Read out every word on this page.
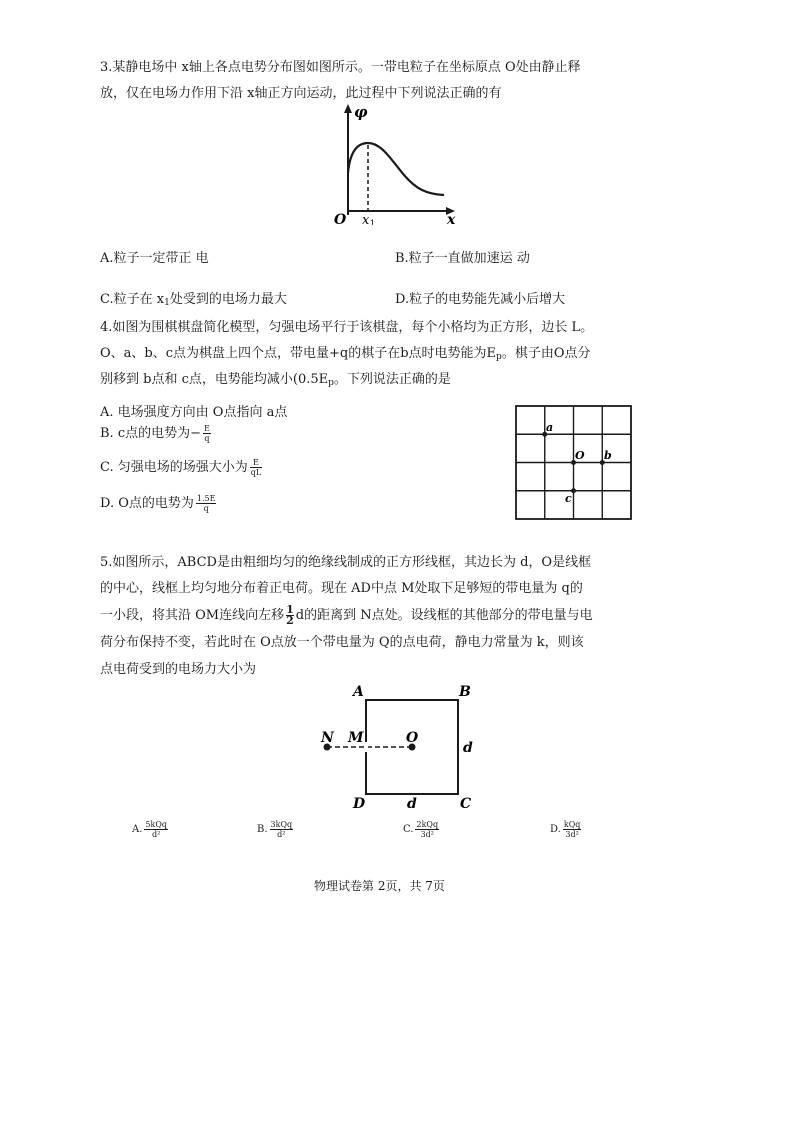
3.某静电场中 x轴上各点电势分布图如图所示。一带电粒子在坐标原点 O处由静止释
放，仅在电场力作用下沿 x轴正方向运动，此过程中下列说法正确的有
φ
x
O x 1
A.粒子一定带正 电	B.粒子一直做加速运 动
C.粒子在 $x_1$处受到的电场力最大	D.粒子的电势能先减小后增大
4.如图为围棋棋盘简化模型，匀强电场平行于该棋盘，每个小格均为正方形，边长 L。
O、a、b、c点为棋盘上四个点，带电量+q的棋子在b点时电势能为$E_p$。棋子由O点分
别移到 b点和 c点，电势能均减小($0.5E_p$。下列说法正确的是
A. 电场强度方向由 O点指向 a点
B. c点的电势为− $\frac{E}{q}$
C. 匀强电场的场强大小为 $\frac{E}{qL}$
D. O点的电势为 $\frac{1.5E}{q}$
a
O b
c
5.如图所示，ABCD是由粗细均匀的绝缘线制成的正方形线框，其边长为 d，O是线框
的中心，线框上均匀地分布着正电荷。现在 AD中点 M处取下足够短的带电量为 q的
一小段，将其沿 OM连线向左移 $\frac{1}{2}$ d的距离到 N点处。设线框的其他部分的带电量与电
荷分布保持不变，若此时在 O点放一个带电量为 Q的点电荷，静电力常量为 k，则该
点电荷受到的电场力大小为
A	B
C
D
N M	O
d
d
A. $\frac{\text{5kQq}}{\text{d²}}$	B. $\frac{\text{3kQq}}{\text{d²}}$	C. $\frac{\text{2kQq}}{\text{3d²}}$	D. $\frac{\text{kQq}}{\text{3d²}}$
物理试卷第 2页，共 7页
